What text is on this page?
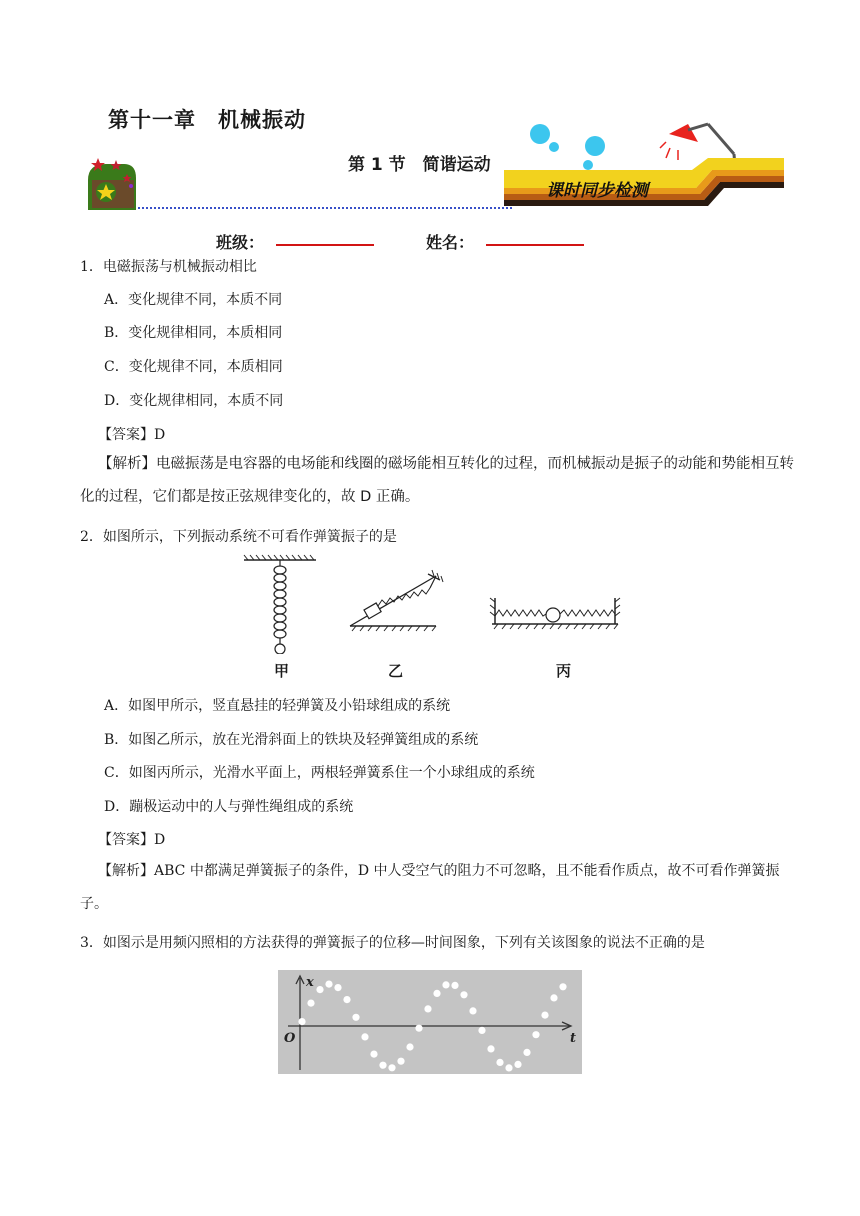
第十一章　机械振动
第 1 节　简谐运动
课时同步检测
班级：	姓名：
1．电磁振荡与机械振动相比
A．变化规律不同，本质不同
B．变化规律相同，本质相同
C．变化规律不同，本质相同
D．变化规律相同，本质不同
【答案】D
【解析】电磁振荡是电容器的电场能和线圈的磁场能相互转化的过程，而机械振动是振子的动能和势能相互转化的过程，它们都是按正弦规律变化的，故 D 正确。
2．如图所示，下列振动系统不可看作弹簧振子的是
甲	乙	丙
A．如图甲所示，竖直悬挂的轻弹簧及小铅球组成的系统
B．如图乙所示，放在光滑斜面上的铁块及轻弹簧组成的系统
C．如图丙所示，光滑水平面上，两根轻弹簧系住一个小球组成的系统
D．蹦极运动中的人与弹性绳组成的系统
【答案】D
【解析】ABC 中都满足弹簧振子的条件，D 中人受空气的阻力不可忽略，且不能看作质点，故不可看作弹簧振子。
3．如图示是用频闪照相的方法获得的弹簧振子的位移—时间图象，下列有关该图象的说法不正确的是
x
O	t
